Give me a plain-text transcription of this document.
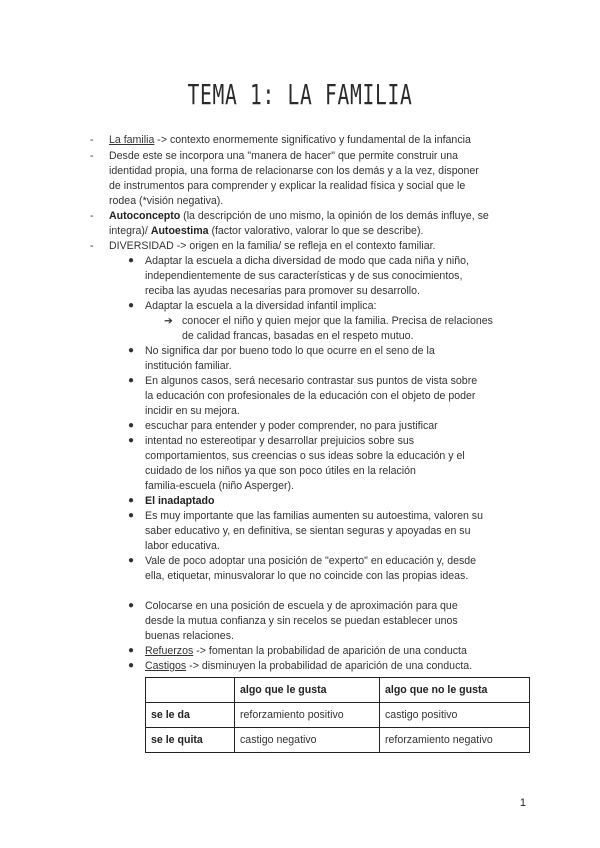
TEMA 1: LA FAMILIA
- La familia -> contexto enormemente significativo y fundamental de la infancia
- Desde este se incorpora una "manera de hacer" que permite construir una
identidad propia, una forma de relacionarse con los demás y a la vez, disponer
de instrumentos para comprender y explicar la realidad física y social que le
rodea (*visión negativa).
- Autoconcepto (la descripción de uno mismo, la opinión de los demás influye, se
integra)/ Autoestima (factor valorativo, valorar lo que se describe).
- DIVERSIDAD -> origen en la familia/ se refleja en el contexto familiar.
● Adaptar la escuela a dicha diversidad de modo que cada niña y niño,
independientemente de sus características y de sus conocimientos,
reciba las ayudas necesarias para promover su desarrollo.
● Adaptar la escuela a la diversidad infantil implica:
➔ conocer el niño y quien mejor que la familia. Precisa de relaciones
de calidad francas, basadas en el respeto mutuo.
● No significa dar por bueno todo lo que ocurre en el seno de la
institución familiar.
● En algunos casos, será necesario contrastar sus puntos de vista sobre
la educación con profesionales de la educación con el objeto de poder
incidir en su mejora.
● escuchar para entender y poder comprender, no para justificar
● intentad no estereotipar y desarrollar prejuicios sobre sus
comportamientos, sus creencias o sus ideas sobre la educación y el
cuidado de los niños ya que son poco útiles en la relación
familia-escuela (niño Asperger).
● El inadaptado
● Es muy importante que las familias aumenten su autoestima, valoren su
saber educativo y, en definitiva, se sientan seguras y apoyadas en su
labor educativa.
● Vale de poco adoptar una posición de "experto" en educación y, desde
ella, etiquetar, minusvalorar lo que no coincide con las propias ideas.
● Colocarse en una posición de escuela y de aproximación para que
desde la mutua confianza y sin recelos se puedan establecer unos
buenas relaciones.
● Refuerzos -> fomentan la probabilidad de aparición de una conducta
● Castigos -> disminuyen la probabilidad de aparición de una conducta.
	algo que le gusta	algo que no le gusta
se le da	reforzamiento positivo	castigo positivo
se le quita	castigo negativo	reforzamiento negativo
1
